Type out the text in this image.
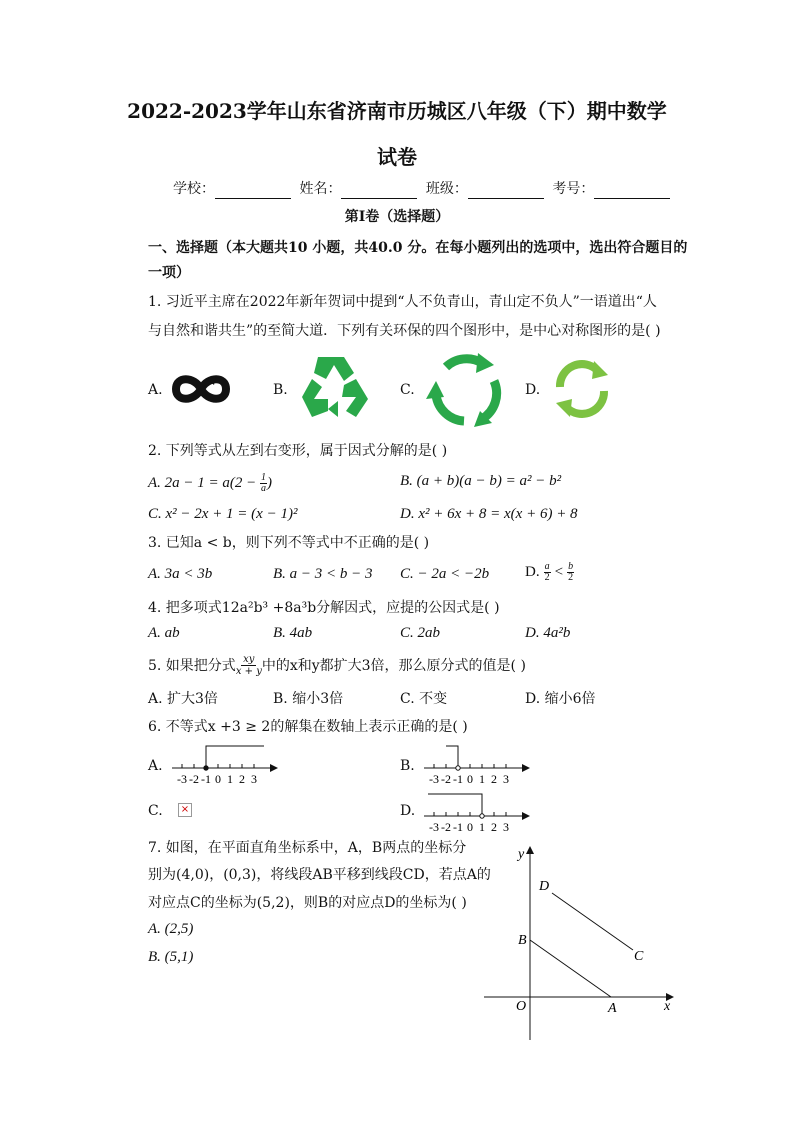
2022-2023学年山东省济南市历城区八年级（下）期中数学
试卷
学校：	姓名：	班级：	考号：
第I卷（选择题）
一、选择题（本大题共10 小题，共40.0 分。在每小题列出的选项中，选出符合题目的
一项）
1. 习近平主席在2022年新年贺词中提到“人不负青山，青山定不负人”一语道出“人
与自然和谐共生”的至简大道．下列有关环保的四个图形中，是中心对称图形的是( )
A.	B.	C.	D.
2. 下列等式从左到右变形，属于因式分解的是( )
A. $2a - 1 = a(2 - \frac{1}{a}$ )	B. (a + b)(a − b) = a² − b²
C. x² − 2x + 1 = (x − 1)²	D. x² + 6x + 8 = x(x + 6) + 8
3. 已知a < b，则下列不等式中不正确的是( )
A. 3a < 3b	B. a − 3 < b − 3 C. − 2a < −2b D. a
2 < b
2
4. 把多项式12a²b³ +8a³b分解因式，应提的公因式是( )
A. ab	B. 4ab	C. 2ab	D. 4a²b
5. 如果把分式 $\frac{xy}{x + y}$ 中的x和y都扩大3倍，那么原分式的值是( )
A. 扩大3倍	B. 缩小3倍	C. 不变	D. 缩小6倍
6. 不等式x +3 ≥ 2的解集在数轴上表示正确的是( )
A.
-3 -2 -1 0 1 2 3
B.
-3 -2 -1 0 1 2 3
C. ×	D.
-3 -2 -1 0 1 2 3
7. 如图，在平面直角坐标系中，A，B两点的坐标分
别为(4,0)，(0,3)，将线段AB平移到线段CD，若点A的
对应点C的坐标为(5,2)，则B的对应点D的坐标为( )
A. (2,5)
B. (5,1)
x
y
O	A
B
C
D
